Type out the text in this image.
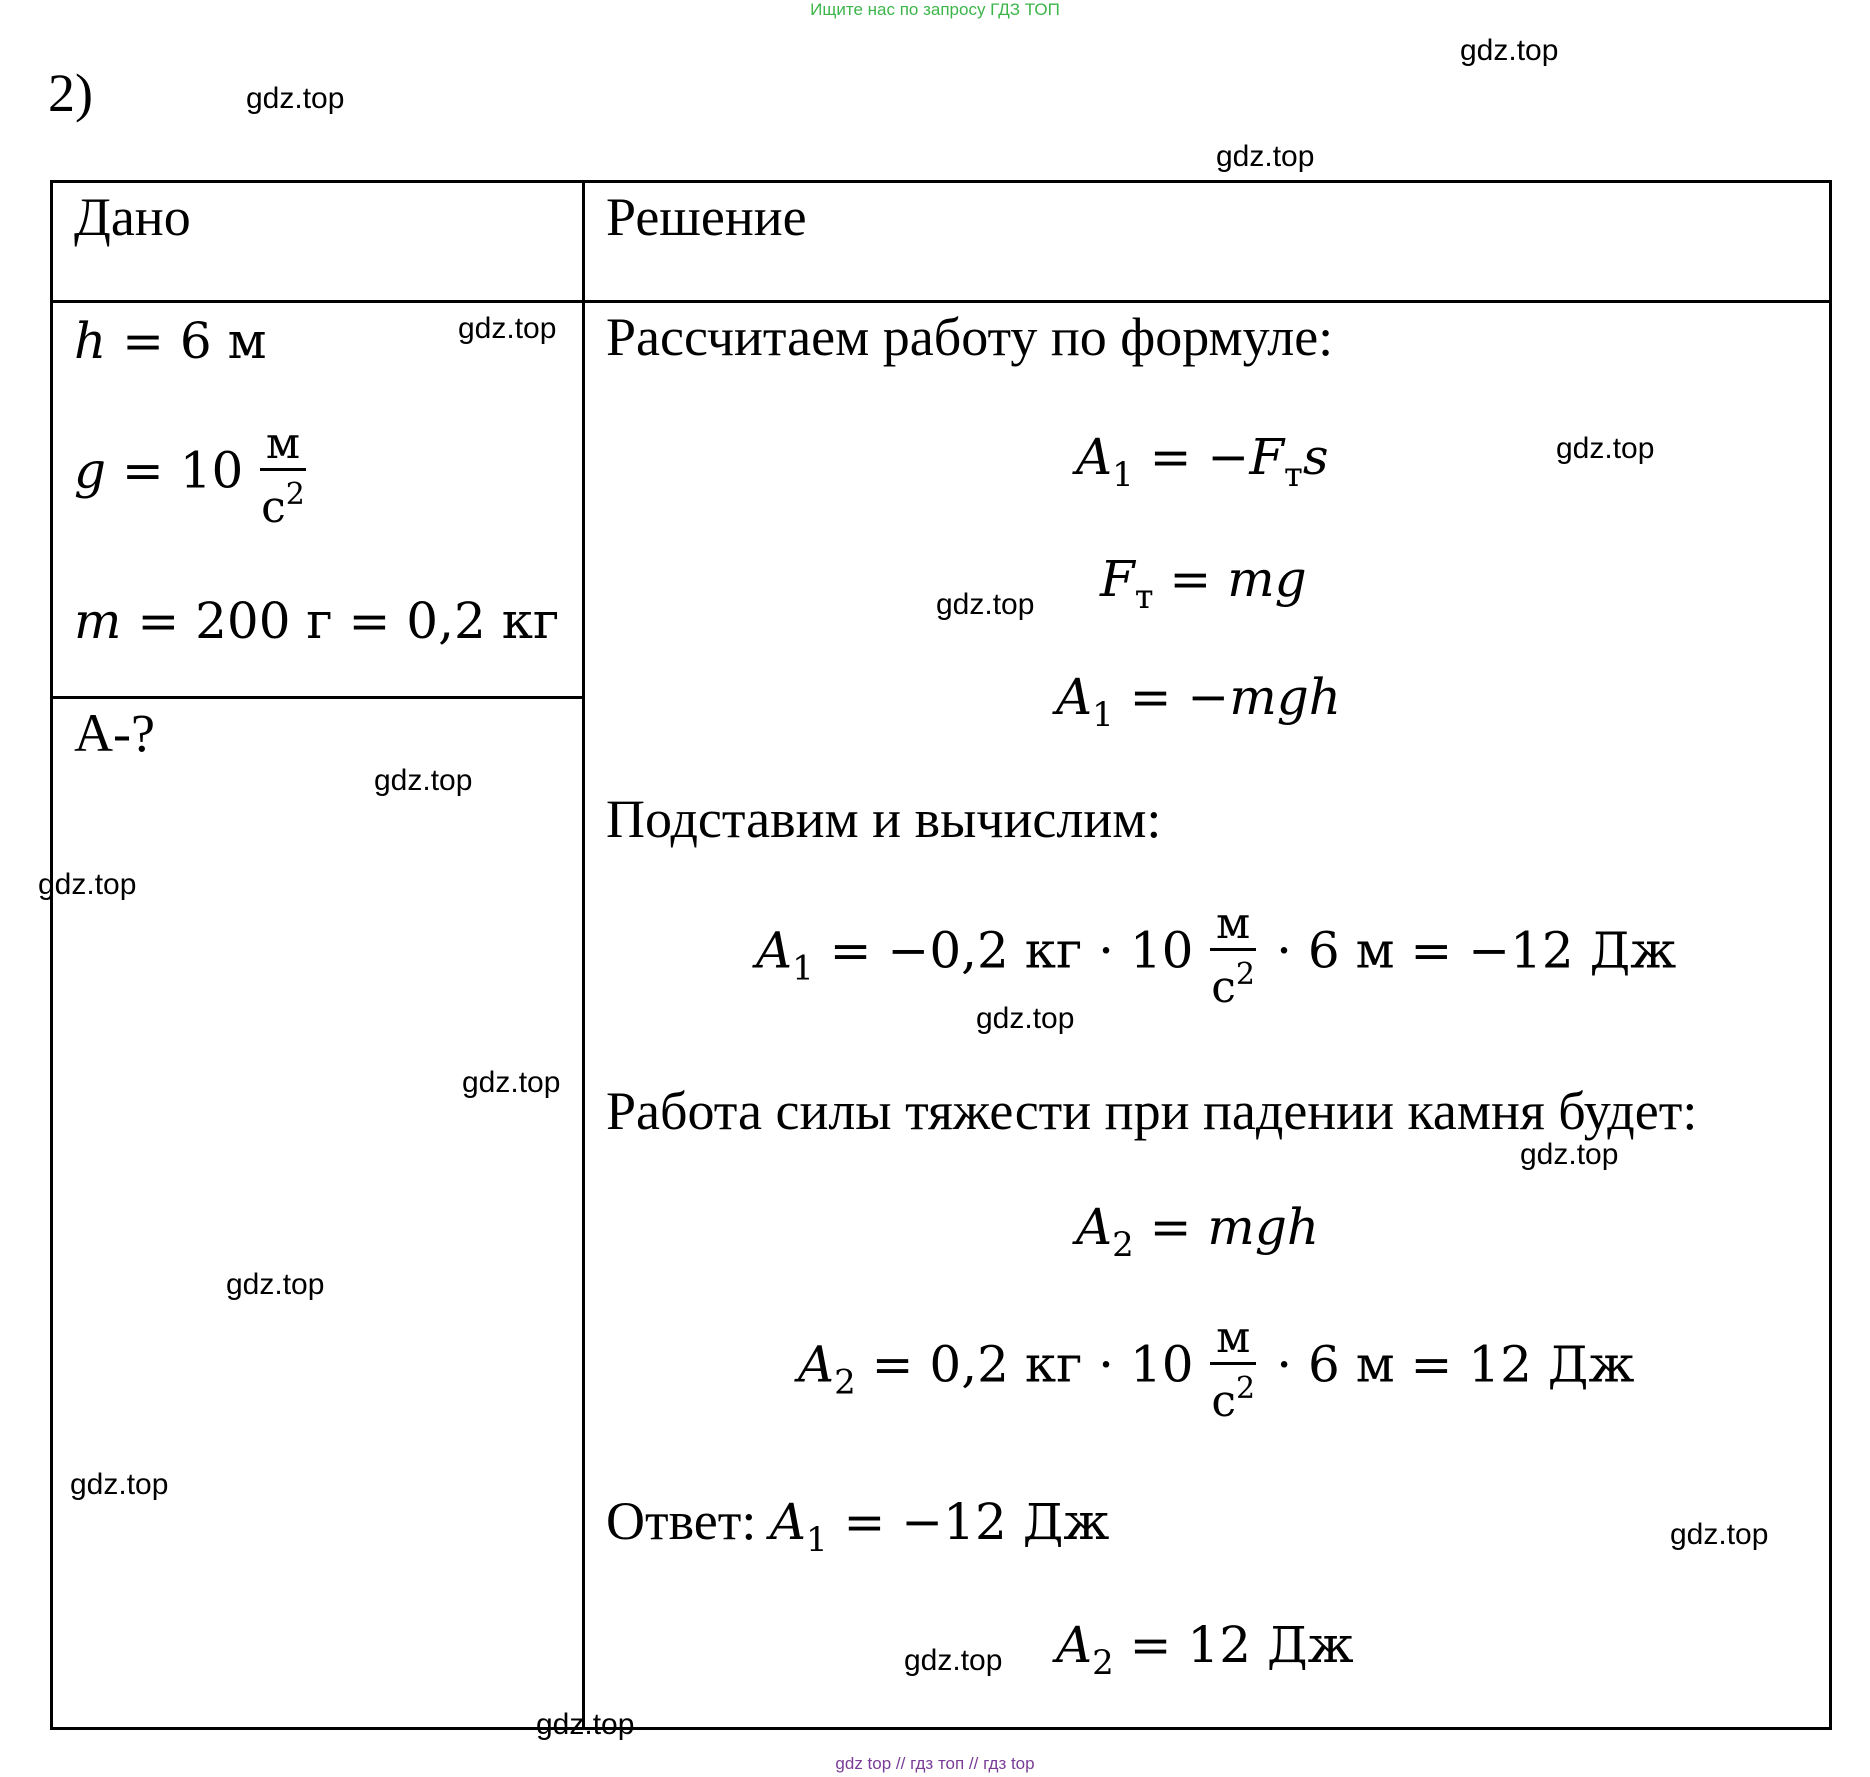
Ищите нас по запросу ГДЗ ТОП
2)
Дано	Решение
h = 6 м
$g = 10 \frac{м}{с^2}$
m = 200 г = 0,2 кг
А-?
Рассчитаем работу по формуле:
$A_1 = -F_тs$
$F_т$ = mg
$A_1 = -mgh$
Подставим и вычислим:
$A_1 = -0,2$ кг · $10 \frac{м}{с^2} \cdot 6$ м = −12 Дж
Работа силы тяжести при падении камня будет:
$A_2$ = mgh
$A_2 = 0,2$ кг · $10 \frac{м}{с^2} \cdot 6$ м = 12 Дж
Ответ: $A_1 = -12$ Дж
$A_2 = 12$ Дж
gdz.top
gdz.top
gdz.top
gdz.top
gdz.top
gdz.top
gdz.top
gdz.top
gdz.top
gdz.top
gdz.top
gdz.top
gdz.top
gdz.top
gdz.top
gdz.top
gdz top // гдз топ // гдз top
